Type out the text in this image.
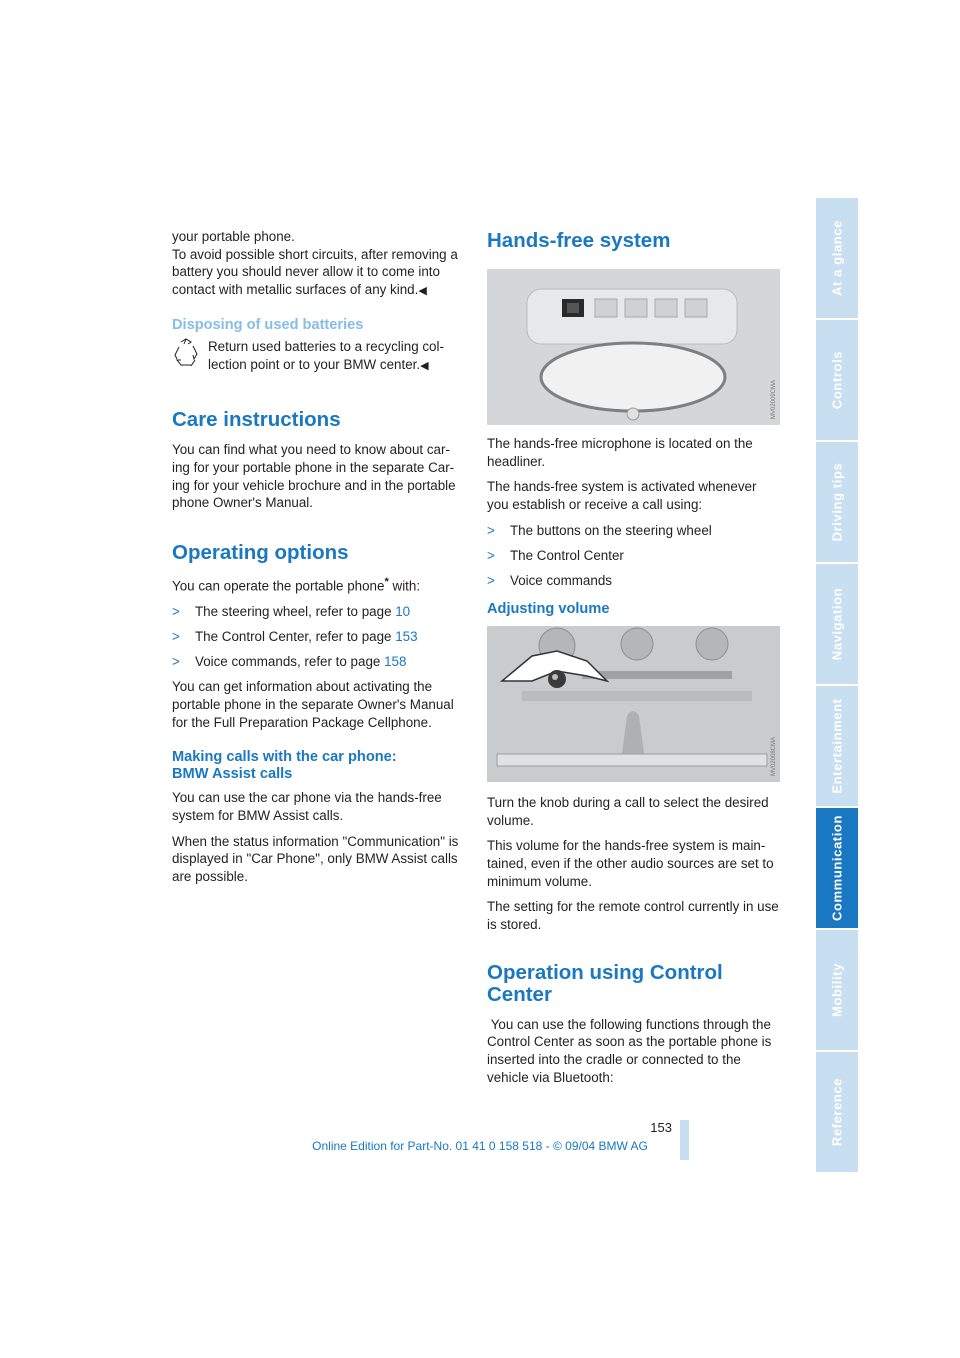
your portable phone.

To avoid possible short circuits, after removing a battery you should never allow it to come into contact with metallic surfaces of any kind.◀

Disposing of used batteries

Return used batteries to a recycling col-lection point or to your BMW center.◀

Care instructions

You can find what you need to know about car-ing for your portable phone in the separate Car-ing for your vehicle brochure and in the portable phone Owner's Manual.

Operating options

You can operate the portable phone* with:

>	The steering wheel, refer to page 10
>	The Control Center, refer to page 153
>	Voice commands, refer to page 158

You can get information about activating the portable phone in the separate Owner's Manual for the Full Preparation Package Cellphone.

Making calls with the car phone:
BMW Assist calls

You can use the car phone via the hands-free system for BMW Assist calls.

When the status information "Communication" is displayed in "Car Phone", only BMW Assist calls are possible.

Hands-free system
MV02009CMA

The hands-free microphone is located on the headliner.

The hands-free system is activated whenever you establish or receive a call using:

>	The buttons on the steering wheel
>	The Control Center
>	Voice commands
Adjusting volume
MV02008CMA

Turn the knob during a call to select the desired volume.

This volume for the hands-free system is main-tained, even if the other audio sources are set to minimum volume.

The setting for the remote control currently in use is stored.

Operation using Control
Center

You can use the following functions through the Control Center as soon as the portable phone is inserted into the cradle or connected to the vehicle via Bluetooth:

At a glance
Controls
Driving tips
Navigation
Entertainment
Communication
Mobility
Reference
153
Online Edition for Part-No. 01 41 0 158 518 - © 09/04 BMW AG
